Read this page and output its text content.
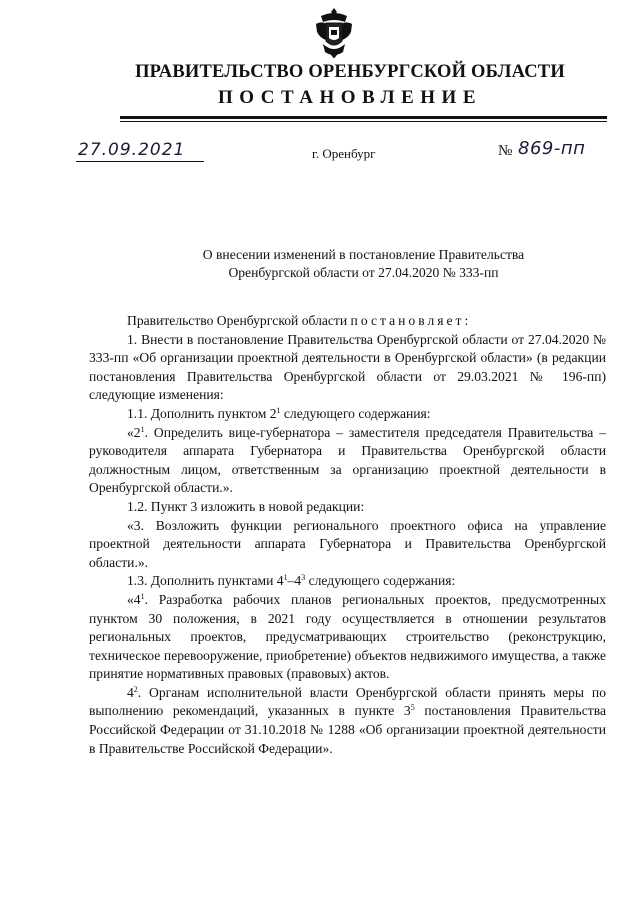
ПРАВИТЕЛЬСТВО ОРЕНБУРГСКОЙ ОБЛАСТИ
ПОСТАНОВЛЕНИЕ
27.09.2021	г. Оренбург	№ 869-пп
О внесении изменений в постановление Правительства
Оренбургской области от 27.04.2020 № 333-пп

Правительство Оренбургской области постановляет:

1. Внести в постановление Правительства Оренбургской области от 27.04.2020 № 333-пп «Об организации проектной деятельности в Оренбургской области» (в редакции постановления Правительства Оренбургской области от 29.03.2021 № 196-пп) следующие изменения:

1.1. Дополнить пунктом $2^1$ следующего содержания:

«$2^1$. Определить вице-губернатора – заместителя председателя Правительства – руководителя аппарата Губернатора и Правительства Оренбургской области должностным лицом, ответственным за организацию проектной деятельности в Оренбургской области.».

1.2. Пункт 3 изложить в новой редакции:

«3. Возложить функции регионального проектного офиса на управление проектной деятельности аппарата Губернатора и Правительства Оренбургской области.».

1.3. Дополнить пунктами $4^1-4^3$ следующего содержания:

«$4^1$. Разработка рабочих планов региональных проектов, предусмотренных пунктом 30 положения, в 2021 году осуществляется в отношении результатов региональных проектов, предусматривающих строительство (реконструкцию, техническое перевооружение, приобретение) объектов недвижимого имущества, а также принятие нормативных правовых (правовых) актов.

$4^2$. Органам исполнительной власти Оренбургской области принять меры по выполнению рекомендаций, указанных в пункте $3^5$ постановления Правительства Российской Федерации от 31.10.2018 № 1288 «Об организации проектной деятельности в Правительстве Российской Федерации».
